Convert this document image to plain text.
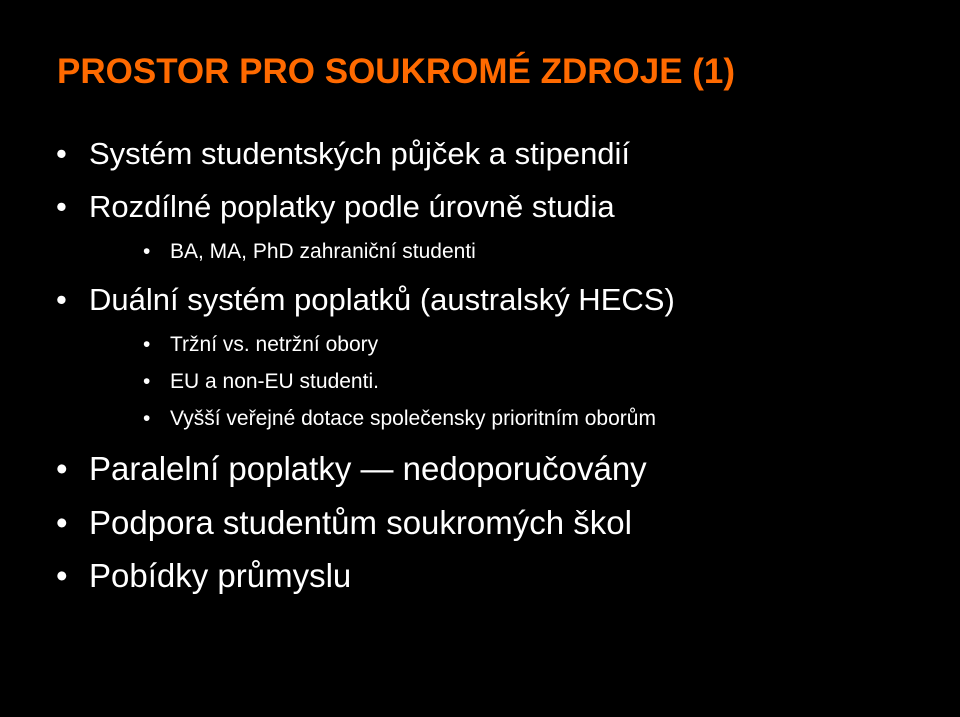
PROSTOR PRO SOUKROMÉ ZDROJE (1)
• Systém studentských půjček a stipendií
• Rozdílné poplatky podle úrovně studia
• BA, MA, PhD zahraniční studenti
• Duální systém poplatků (australský HECS)
• Tržní vs. netržní obory
• EU a non-EU studenti.
• Vyšší veřejné dotace společensky prioritním oborům
• Paralelní poplatky — nedoporučovány
• Podpora studentům soukromých škol
• Pobídky průmyslu
